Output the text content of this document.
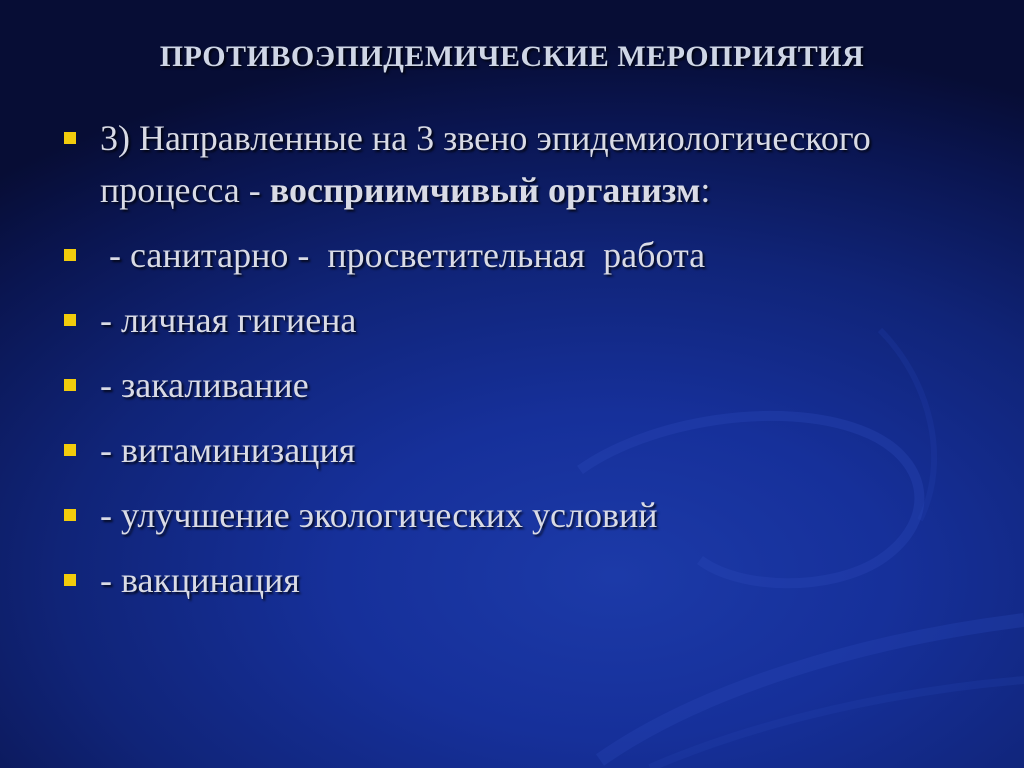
ПРОТИВОЭПИДЕМИЧЕСКИЕ МЕРОПРИЯТИЯ
3) Направленные на 3 звено эпидемиологического процесса - восприимчивый организм:
- санитарно -  просветительная  работа
- личная гигиена
- закаливание
- витаминизация
- улучшение экологических условий
- вакцинация
